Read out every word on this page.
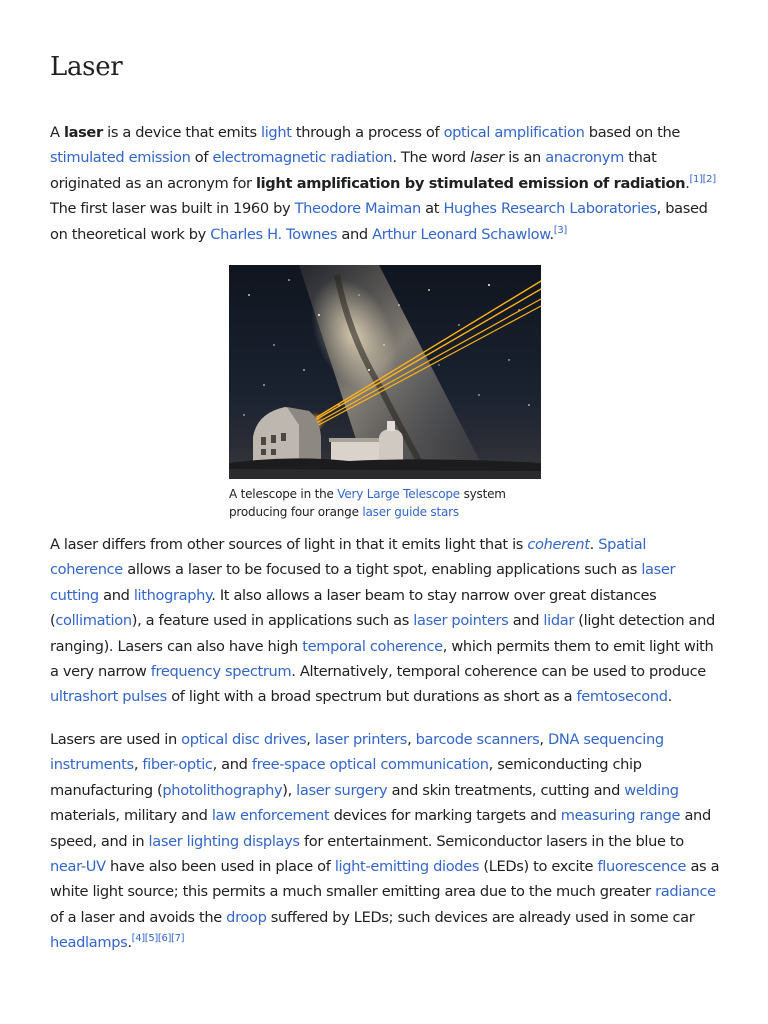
Laser

A laser is a device that emits light through a process of optical amplification based on the stimulated emission of electromagnetic radiation. The word laser is an anacronym that originated as an acronym for light amplification by stimulated emission of radiation.[1][2] The first laser was built in 1960 by Theodore Maiman at Hughes Research Laboratories, based on theoretical work by Charles H. Townes and Arthur Leonard Schawlow.[3]

A telescope in the Very Large Telescope system producing four orange laser guide stars

A laser differs from other sources of light in that it emits light that is coherent. Spatial coherence allows a laser to be focused to a tight spot, enabling applications such as laser cutting and lithography. It also allows a laser beam to stay narrow over great distances (collimation), a feature used in applications such as laser pointers and lidar (light detection and ranging). Lasers can also have high temporal coherence, which permits them to emit light with a very narrow frequency spectrum. Alternatively, temporal coherence can be used to produce ultrashort pulses of light with a broad spectrum but durations as short as a femtosecond.

Lasers are used in optical disc drives, laser printers, barcode scanners, DNA sequencing instruments, fiber-optic, and free-space optical communication, semiconducting chip manufacturing (photolithography), laser surgery and skin treatments, cutting and welding materials, military and law enforcement devices for marking targets and measuring range and speed, and in laser lighting displays for entertainment. Semiconductor lasers in the blue to near-UV have also been used in place of light-emitting diodes (LEDs) to excite fluorescence as a white light source; this permits a much smaller emitting area due to the much greater radiance of a laser and avoids the droop suffered by LEDs; such devices are already used in some car headlamps.[4][5][6][7]
